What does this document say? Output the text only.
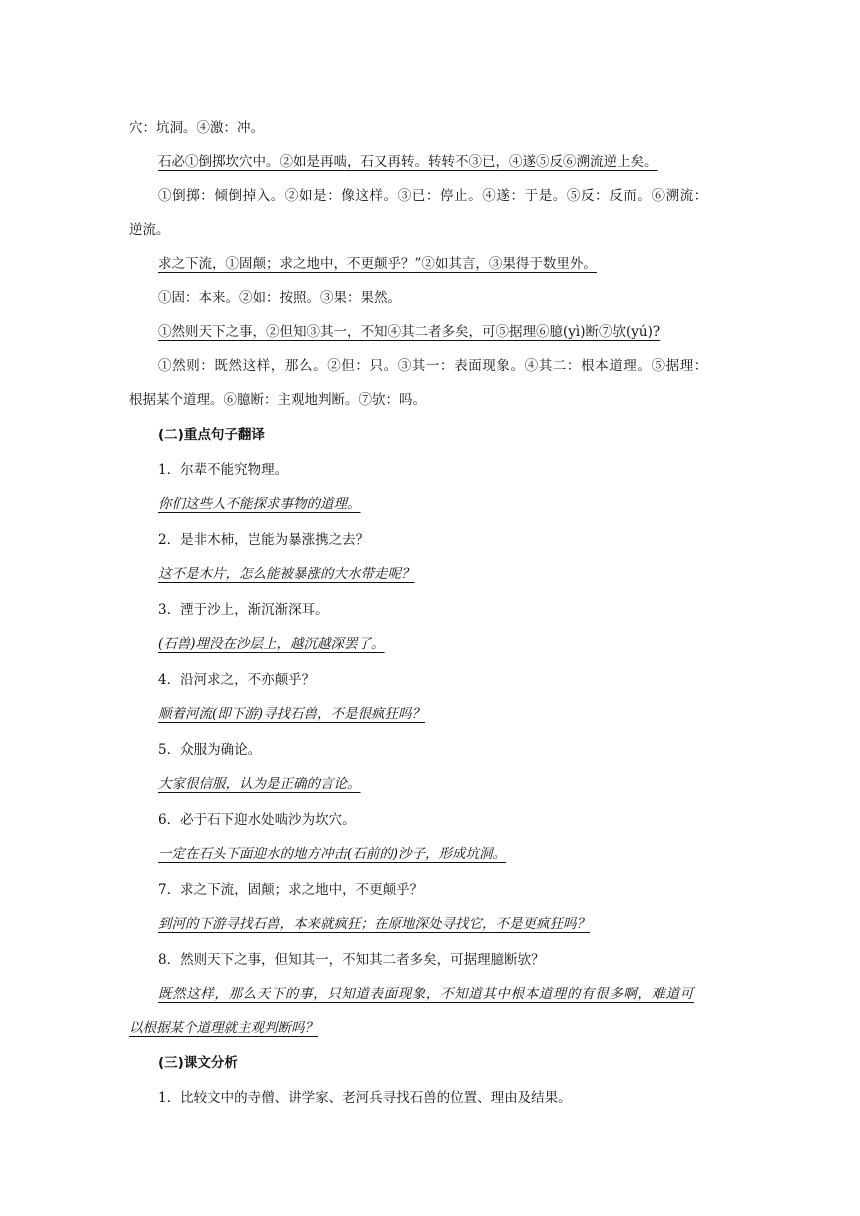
穴：坑洞。④激：冲。
石必①倒掷坎穴中。②如是再啮，石又再转。转转不③已，④遂⑤反⑥溯流逆上矣。
①倒掷：倾倒掉入。②如是：像这样。③已：停止。④遂：于是。⑤反：反而。⑥溯流：
逆流。
求之下流，①固颠；求之地中，不更颠乎？”②如其言，③果得于数里外。
①固：本来。②如：按照。③果：果然。
①然则天下之事，②但知③其一，不知④其二者多矣，可⑤据理⑥臆(yì)断⑦欤(yú)?
①然则：既然这样，那么。②但：只。③其一：表面现象。④其二：根本道理。⑤据理：
根据某个道理。⑥臆断：主观地判断。⑦欤：吗。
(二)重点句子翻译
1．尔辈不能究物理。
你们这些人不能探求事物的道理。
2．是非木柿，岂能为暴涨携之去？
这不是木片，怎么能被暴涨的大水带走呢？
3．湮于沙上，渐沉渐深耳。
(石兽)埋没在沙层上，越沉越深罢了。
4．沿河求之，不亦颠乎？
顺着河流(即下游)寻找石兽，不是很疯狂吗？
5．众服为确论。
大家很信服，认为是正确的言论。
6．必于石下迎水处啮沙为坎穴。
一定在石头下面迎水的地方冲击(石前的)沙子，形成坑洞。
7．求之下流，固颠；求之地中，不更颠乎？
到河的下游寻找石兽，本来就疯狂；在原地深处寻找它，不是更疯狂吗？
8．然则天下之事，但知其一，不知其二者多矣，可据理臆断欤？
既然这样，那么天下的事，只知道表面现象，不知道其中根本道理的有很多啊，难道可
以根据某个道理就主观判断吗？
(三)课文分析
1．比较文中的寺僧、讲学家、老河兵寻找石兽的位置、理由及结果。
